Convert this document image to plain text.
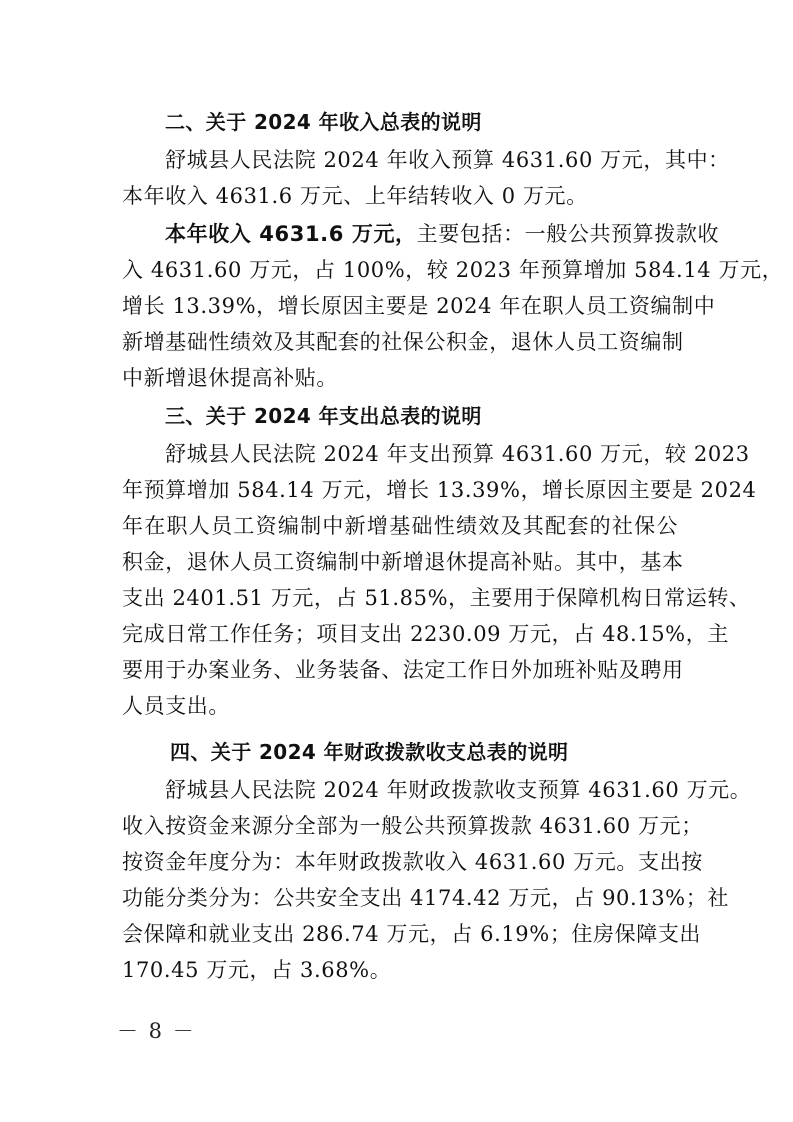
二、关于 2024 年收入总表的说明
舒城县人民法院 2024 年收入预算 4631.60 万元，其中：
本年收入 4631.6 万元、上年结转收入 0 万元。
本年收入 4631.6 万元，主要包括：一般公共预算拨款收
入 4631.60 万元，占 100%，较 2023 年预算增加 584.14 万元，
增长 13.39%，增长原因主要是 2024 年在职人员工资编制中
新增基础性绩效及其配套的社保公积金，退休人员工资编制
中新增退休提高补贴。
三、关于 2024 年支出总表的说明
舒城县人民法院 2024 年支出预算 4631.60 万元，较 2023
年预算增加 584.14 万元，增长 13.39%，增长原因主要是 2024
年在职人员工资编制中新增基础性绩效及其配套的社保公
积金，退休人员工资编制中新增退休提高补贴。其中，基本
支出 2401.51 万元，占 51.85%，主要用于保障机构日常运转、
完成日常工作任务；项目支出 2230.09 万元，占 48.15%，主
要用于办案业务、业务装备、法定工作日外加班补贴及聘用
人员支出。
四、关于 2024 年财政拨款收支总表的说明
舒城县人民法院 2024 年财政拨款收支预算 4631.60 万元。
收入按资金来源分全部为一般公共预算拨款 4631.60 万元；
按资金年度分为：本年财政拨款收入 4631.60 万元。支出按
功能分类分为：公共安全支出 4174.42 万元，占 90.13%；社
会保障和就业支出 286.74 万元，占 6.19%；住房保障支出
170.45 万元，占 3.68%。
－ 8 －
